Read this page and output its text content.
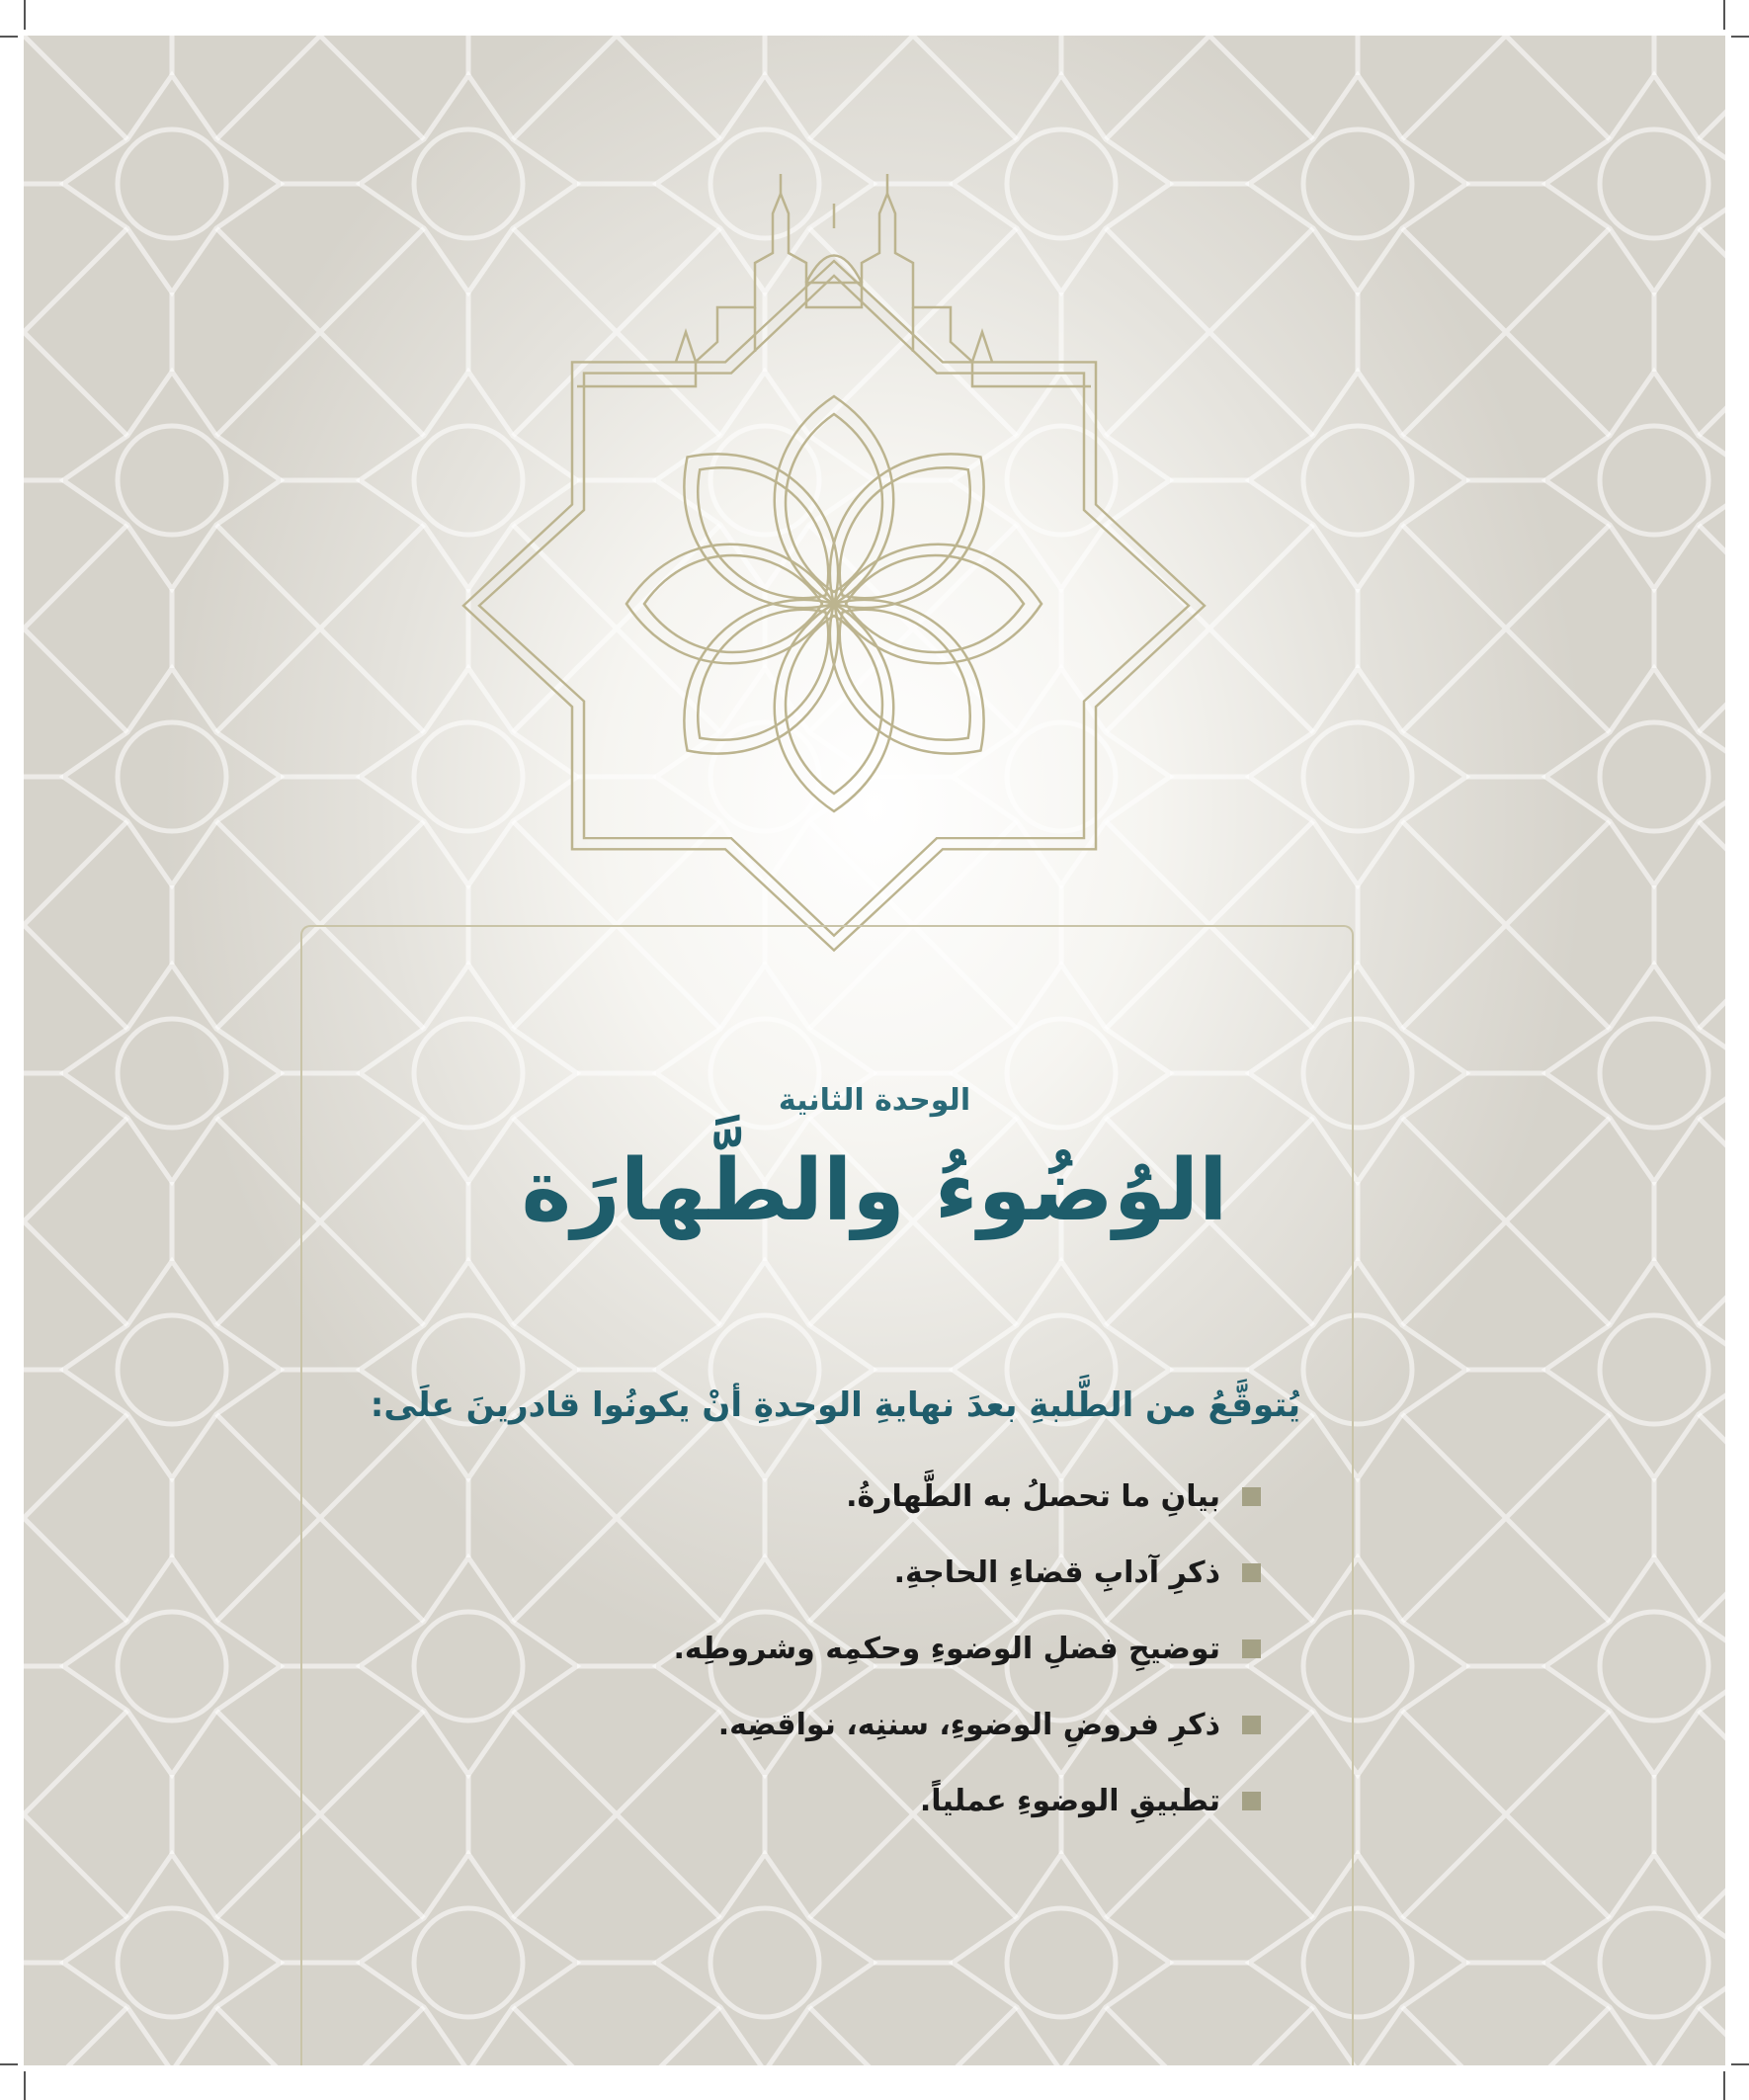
الوحدة الثانية
الوُضُوءُ والطَّهارَة
يُتوقَّعُ من الطَّلبةِ بعدَ نهايةِ الوحدةِ أنْ يكونُوا قادرينَ علَى:
بيانِ ما تحصلُ به الطَّهارةُ.
ذكرِ آدابِ قضاءِ الحاجةِ.
توضيحِ فضلِ الوضوءِ وحكمِه وشروطِه.
ذكرِ فروضِ الوضوءِ، سننِه، نواقضِه.
تطبيقِ الوضوءِ عملياً.
